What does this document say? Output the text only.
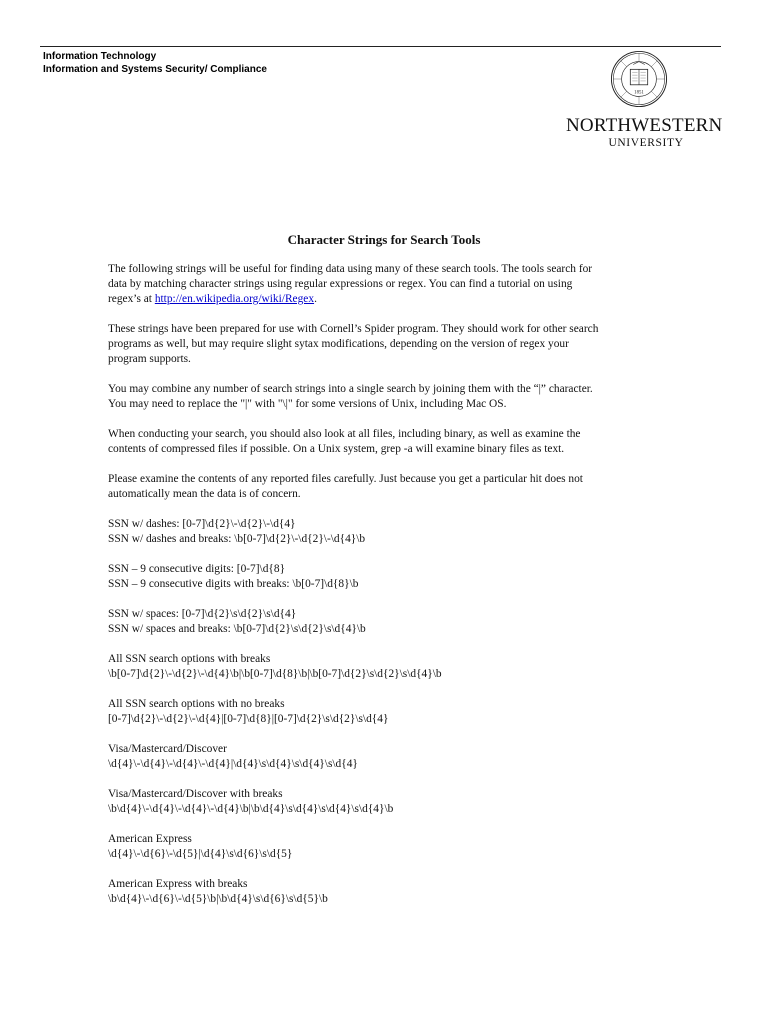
Information Technology
Information and Systems Security/ Compliance
1851
NORTHWESTERN
UNIVERSITY
Character Strings for Search Tools

The following strings will be useful for finding data using many of these search tools. The tools search for
data by matching character strings using regular expressions or regex. You can find a tutorial on using
regex’s at http://en.wikipedia.org/wiki/Regex.

These strings have been prepared for use with Cornell’s Spider program. They should work for other search
programs as well, but may require slight sytax modifications, depending on the version of regex your
program supports.

You may combine any number of search strings into a single search by joining them with the “|” character.
You may need to replace the "|" with "\|" for some versions of Unix, including Mac OS.

When conducting your search, you should also look at all files, including binary, as well as examine the
contents of compressed files if possible. On a Unix system, grep -a will examine binary files as text.

Please examine the contents of any reported files carefully. Just because you get a particular hit does not
automatically mean the data is of concern.

SSN w/ dashes: [0-7]\d{2}\-\d{2}\-\d{4}
SSN w/ dashes and breaks: \b[0-7]\d{2}\-\d{2}\-\d{4}\b

SSN – 9 consecutive digits: [0-7]\d{8}
SSN – 9 consecutive digits with breaks: \b[0-7]\d{8}\b

SSN w/ spaces: [0-7]\d{2}\s\d{2}\s\d{4}
SSN w/ spaces and breaks: \b[0-7]\d{2}\s\d{2}\s\d{4}\b

All SSN search options with breaks
\b[0-7]\d{2}\-\d{2}\-\d{4}\b|\b[0-7]\d{8}\b|\b[0-7]\d{2}\s\d{2}\s\d{4}\b

All SSN search options with no breaks
[0-7]\d{2}\-\d{2}\-\d{4}|[0-7]\d{8}|[0-7]\d{2}\s\d{2}\s\d{4}

Visa/Mastercard/Discover
\d{4}\-\d{4}\-\d{4}\-\d{4}|\d{4}\s\d{4}\s\d{4}\s\d{4}

Visa/Mastercard/Discover with breaks
\b\d{4}\-\d{4}\-\d{4}\-\d{4}\b|\b\d{4}\s\d{4}\s\d{4}\s\d{4}\b

American Express
\d{4}\-\d{6}\-\d{5}|\d{4}\s\d{6}\s\d{5}

American Express with breaks
\b\d{4}\-\d{6}\-\d{5}\b|\b\d{4}\s\d{6}\s\d{5}\b
